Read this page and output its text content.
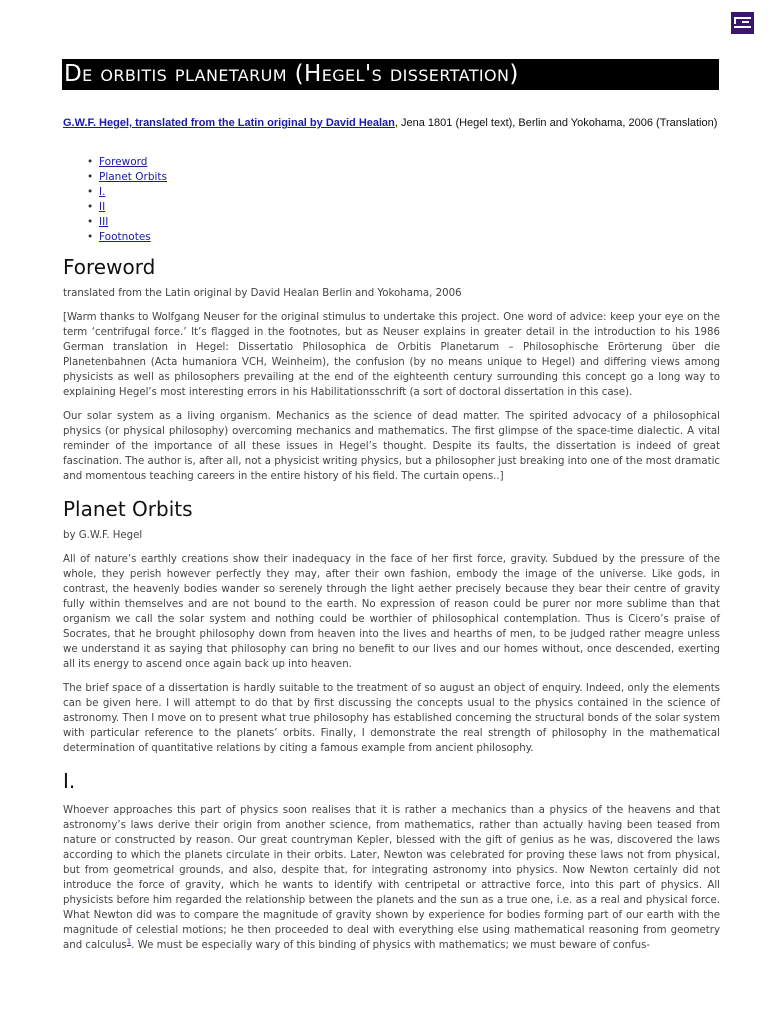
De orbitis planetarum (Hegel's dissertation)
G.W.F. Hegel, translated from the Latin original by David Healan, Jena 1801 (Hegel text), Berlin and Yokohama, 2006 (Translation)
• Foreword
• Planet Orbits
• I.
• II
• III
• Footnotes
Foreword

translated from the Latin original by David Healan Berlin and Yokohama, 2006

[Warm thanks to Wolfgang Neuser for the original stimulus to undertake this project. One word of advice: keep your eye on the term ‘centrifugal force.’ It’s flagged in the footnotes, but as Neuser explains in greater detail in the introduction to his 1986 German translation in Hegel: Dissertatio Philosophica de Orbitis Planetarum – Philosophische Erörterung über die Planetenbahnen (Acta humaniora VCH, Weinheim), the confusion (by no means unique to Hegel) and differing views among physicists as well as philosophers prevailing at the end of the eighteenth century surrounding this concept go a long way to explaining Hegel’s most interesting errors in his Habilitationsschrift (a sort of doctoral dissertation in this case).

Our solar system as a living organism. Mechanics as the science of dead matter. The spirited advocacy of a philosophical physics (or physical philosophy) overcoming mechanics and mathematics. The first glimpse of the space-time dialectic. A vital reminder of the importance of all these issues in Hegel’s thought. Despite its faults, the dissertation is indeed of great fascination. The author is, after all, not a physicist writing physics, but a philosopher just breaking into one of the most dramatic and momentous teaching careers in the entire history of his field. The curtain opens..]

Planet Orbits

by G.W.F. Hegel

All of nature’s earthly creations show their inadequacy in the face of her first force, gravity. Subdued by the pressure of the whole, they perish however perfectly they may, after their own fashion, embody the image of the universe. Like gods, in contrast, the heavenly bodies wander so serenely through the light aether precisely because they bear their centre of gravity fully within themselves and are not bound to the earth. No expression of reason could be purer nor more sublime than that organism we call the solar system and nothing could be worthier of philosophical contemplation. Thus is Cicero’s praise of Socrates, that he brought philosophy down from heaven into the lives and hearths of men, to be judged rather meagre unless we understand it as saying that philosophy can bring no benefit to our lives and our homes without, once descended, exerting all its energy to ascend once again back up into heaven.

The brief space of a dissertation is hardly suitable to the treatment of so august an object of enquiry. Indeed, only the elements can be given here. I will attempt to do that by first discussing the concepts usual to the physics contained in the science of astronomy. Then I move on to present what true philosophy has established concerning the structural bonds of the solar system with particular reference to the planets’ orbits. Finally, I demonstrate the real strength of philosophy in the mathematical determination of quantitative relations by citing a famous example from ancient philosophy.

I.

Whoever approaches this part of physics soon realises that it is rather a mechanics than a physics of the heavens and that astronomy’s laws derive their origin from another science, from mathematics, rather than actually having been teased from nature or constructed by reason. Our great countryman Kepler, blessed with the gift of genius as he was, discovered the laws according to which the planets circulate in their orbits. Later, Newton was celebrated for proving these laws not from physical, but from geometrical grounds, and also, despite that, for integrating astronomy into physics. Now Newton certainly did not introduce the force of gravity, which he wants to identify with centripetal or attractive force, into this part of physics. All physicists before him regarded the relationship between the planets and the sun as a true one, i.e. as a real and physical force. What Newton did was to compare the magnitude of gravity shown by experience for bodies forming part of our earth with the magnitude of celestial motions; he then proceeded to deal with everything else using mathematical reasoning from geometry and calculus$^1$. We must be especially wary of this binding of physics with mathematics; we must beware of confus-
